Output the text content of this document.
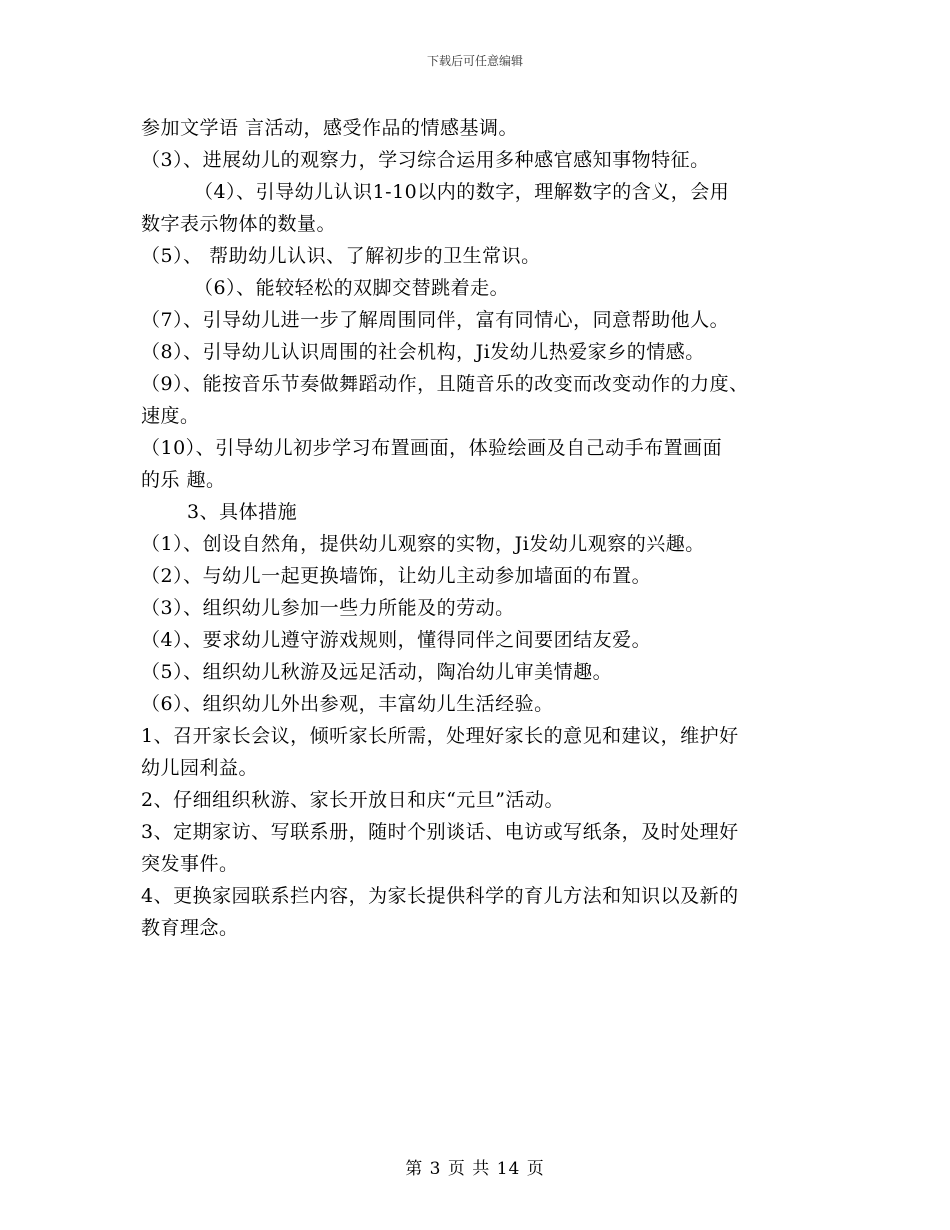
下载后可任意编辑
参加文学语 言活动，感受作品的情感基调。
（3）、进展幼儿的观察力，学习综合运用多种感官感知事物特征。
（4）、引导幼儿认识1-10以内的数字，理解数字的含义，会用
数字表示物体的数量。
（5）、 帮助幼儿认识、了解初步的卫生常识。
（6）、能较轻松的双脚交替跳着走。
（7）、引导幼儿进一步了解周围同伴，富有同情心，同意帮助他人。
（8）、引导幼儿认识周围的社会机构，Ji发幼儿热爱家乡的情感。
（9）、能按音乐节奏做舞蹈动作，且随音乐的改变而改变动作的力度、
速度。
（10）、引导幼儿初步学习布置画面，体验绘画及自己动手布置画面
的乐 趣。
3、具体措施
（1）、创设自然角，提供幼儿观察的实物，Ji发幼儿观察的兴趣。
（2）、与幼儿一起更换墙饰，让幼儿主动参加墙面的布置。
（3）、组织幼儿参加一些力所能及的劳动。
（4）、要求幼儿遵守游戏规则，懂得同伴之间要团结友爱。
（5）、组织幼儿秋游及远足活动，陶冶幼儿审美情趣。
（6）、组织幼儿外出参观，丰富幼儿生活经验。
1、召开家长会议，倾听家长所需，处理好家长的意见和建议，维护好
幼儿园利益。
2、仔细组织秋游、家长开放日和庆“元旦”活动。
3、定期家访、写联系册，随时个别谈话、电访或写纸条，及时处理好
突发事件。
4、更换家园联系拦内容，为家长提供科学的育儿方法和知识以及新的
教育理念。
第 3 页 共 14 页
